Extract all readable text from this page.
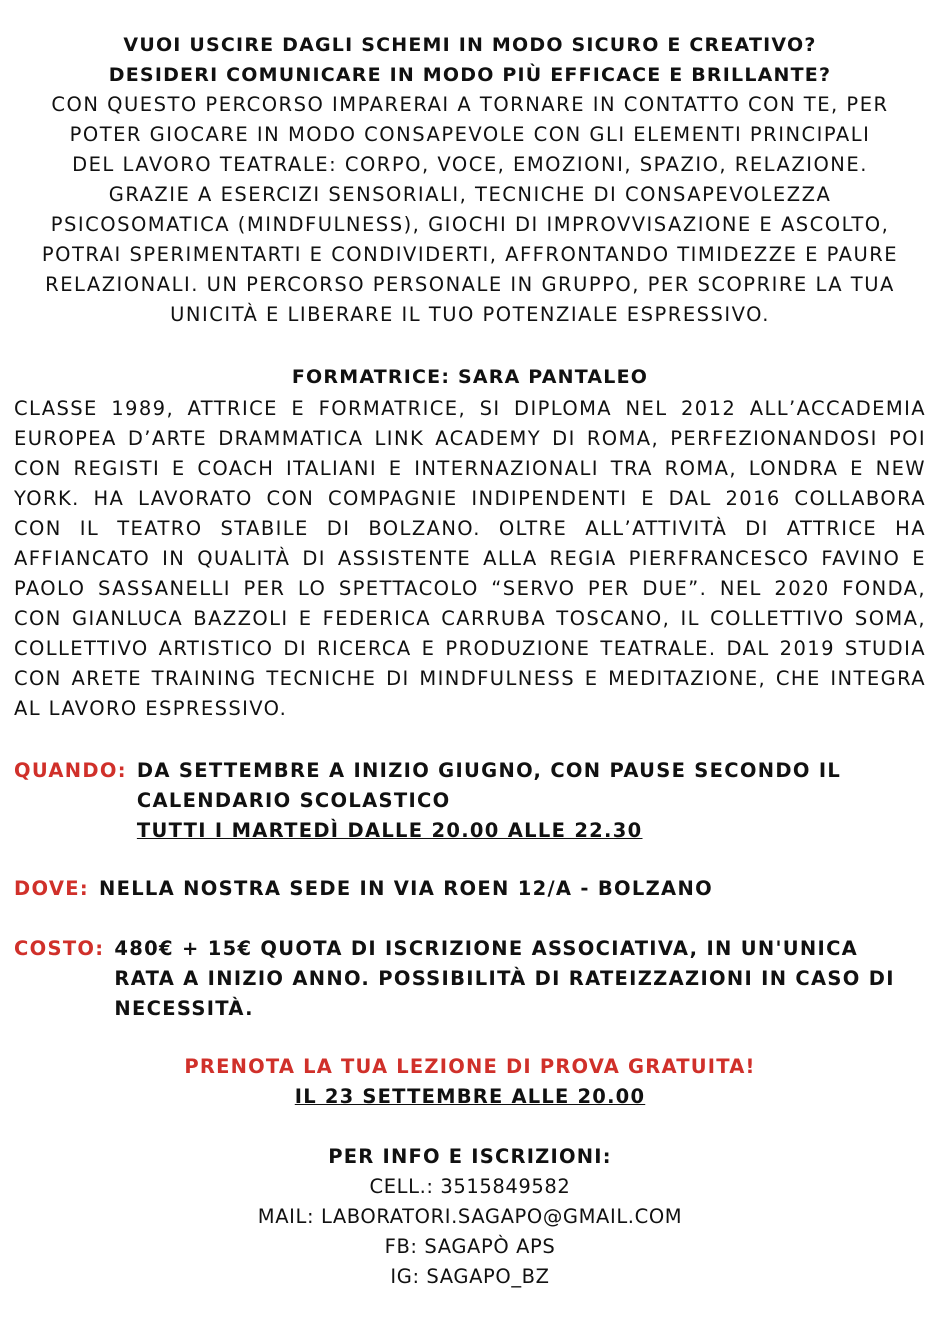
VUOI USCIRE DAGLI SCHEMI IN MODO SICURO E CREATIVO?
DESIDERI COMUNICARE IN MODO PIÙ EFFICACE E BRILLANTE?
CON QUESTO PERCORSO IMPARERAI A TORNARE IN CONTATTO CON TE, PER
POTER GIOCARE IN MODO CONSAPEVOLE CON GLI ELEMENTI PRINCIPALI
DEL LAVORO TEATRALE: CORPO, VOCE, EMOZIONI, SPAZIO, RELAZIONE.
GRAZIE A ESERCIZI SENSORIALI, TECNICHE DI CONSAPEVOLEZZA
PSICOSOMATICA (MINDFULNESS), GIOCHI DI IMPROVVISAZIONE E ASCOLTO,
POTRAI SPERIMENTARTI E CONDIVIDERTI, AFFRONTANDO TIMIDEZZE E PAURE
RELAZIONALI. UN PERCORSO PERSONALE IN GRUPPO, PER SCOPRIRE LA TUA
UNICITÀ E LIBERARE IL TUO POTENZIALE ESPRESSIVO.
FORMATRICE: SARA PANTALEO
CLASSE 1989, ATTRICE E FORMATRICE, SI DIPLOMA NEL 2012 ALL’ACCADEMIA EUROPEA D’ARTE DRAMMATICA LINK ACADEMY DI ROMA, PERFEZIONANDOSI POI CON REGISTI E COACH ITALIANI E INTERNAZIONALI TRA ROMA, LONDRA E NEW YORK. HA LAVORATO CON COMPAGNIE INDIPENDENTI E DAL 2016 COLLABORA CON IL TEATRO STABILE DI BOLZANO. OLTRE ALL’ATTIVITÀ DI ATTRICE HA AFFIANCATO IN QUALITÀ DI ASSISTENTE ALLA REGIA PIERFRANCESCO FAVINO E PAOLO SASSANELLI PER LO SPETTACOLO “SERVO PER DUE”. NEL 2020 FONDA, CON GIANLUCA BAZZOLI E FEDERICA CARRUBA TOSCANO, IL COLLETTIVO SOMA, COLLETTIVO ARTISTICO DI RICERCA E PRODUZIONE TEATRALE. DAL 2019 STUDIA CON ARETE TRAINING TECNICHE DI MINDFULNESS E MEDITAZIONE, CHE INTEGRA AL LAVORO ESPRESSIVO.
QUANDO: DA SETTEMBRE A INIZIO GIUGNO, CON PAUSE SECONDO IL
CALENDARIO SCOLASTICO
TUTTI I MARTEDÌ DALLE 20.00 ALLE 22.30
DOVE: NELLA NOSTRA SEDE IN VIA ROEN 12/A - BOLZANO
COSTO: 480€ + 15€ QUOTA DI ISCRIZIONE ASSOCIATIVA, IN UN'UNICA RATA A INIZIO ANNO. POSSIBILITÀ DI RATEIZZAZIONI IN CASO DI NECESSITÀ.
PRENOTA LA TUA LEZIONE DI PROVA GRATUITA!
IL 23 SETTEMBRE ALLE 20.00
PER INFO E ISCRIZIONI:
CELL.: 3515849582
MAIL: LABORATORI.SAGAPO@GMAIL.COM
FB: SAGAPÒ APS
IG: SAGAPO_BZ
